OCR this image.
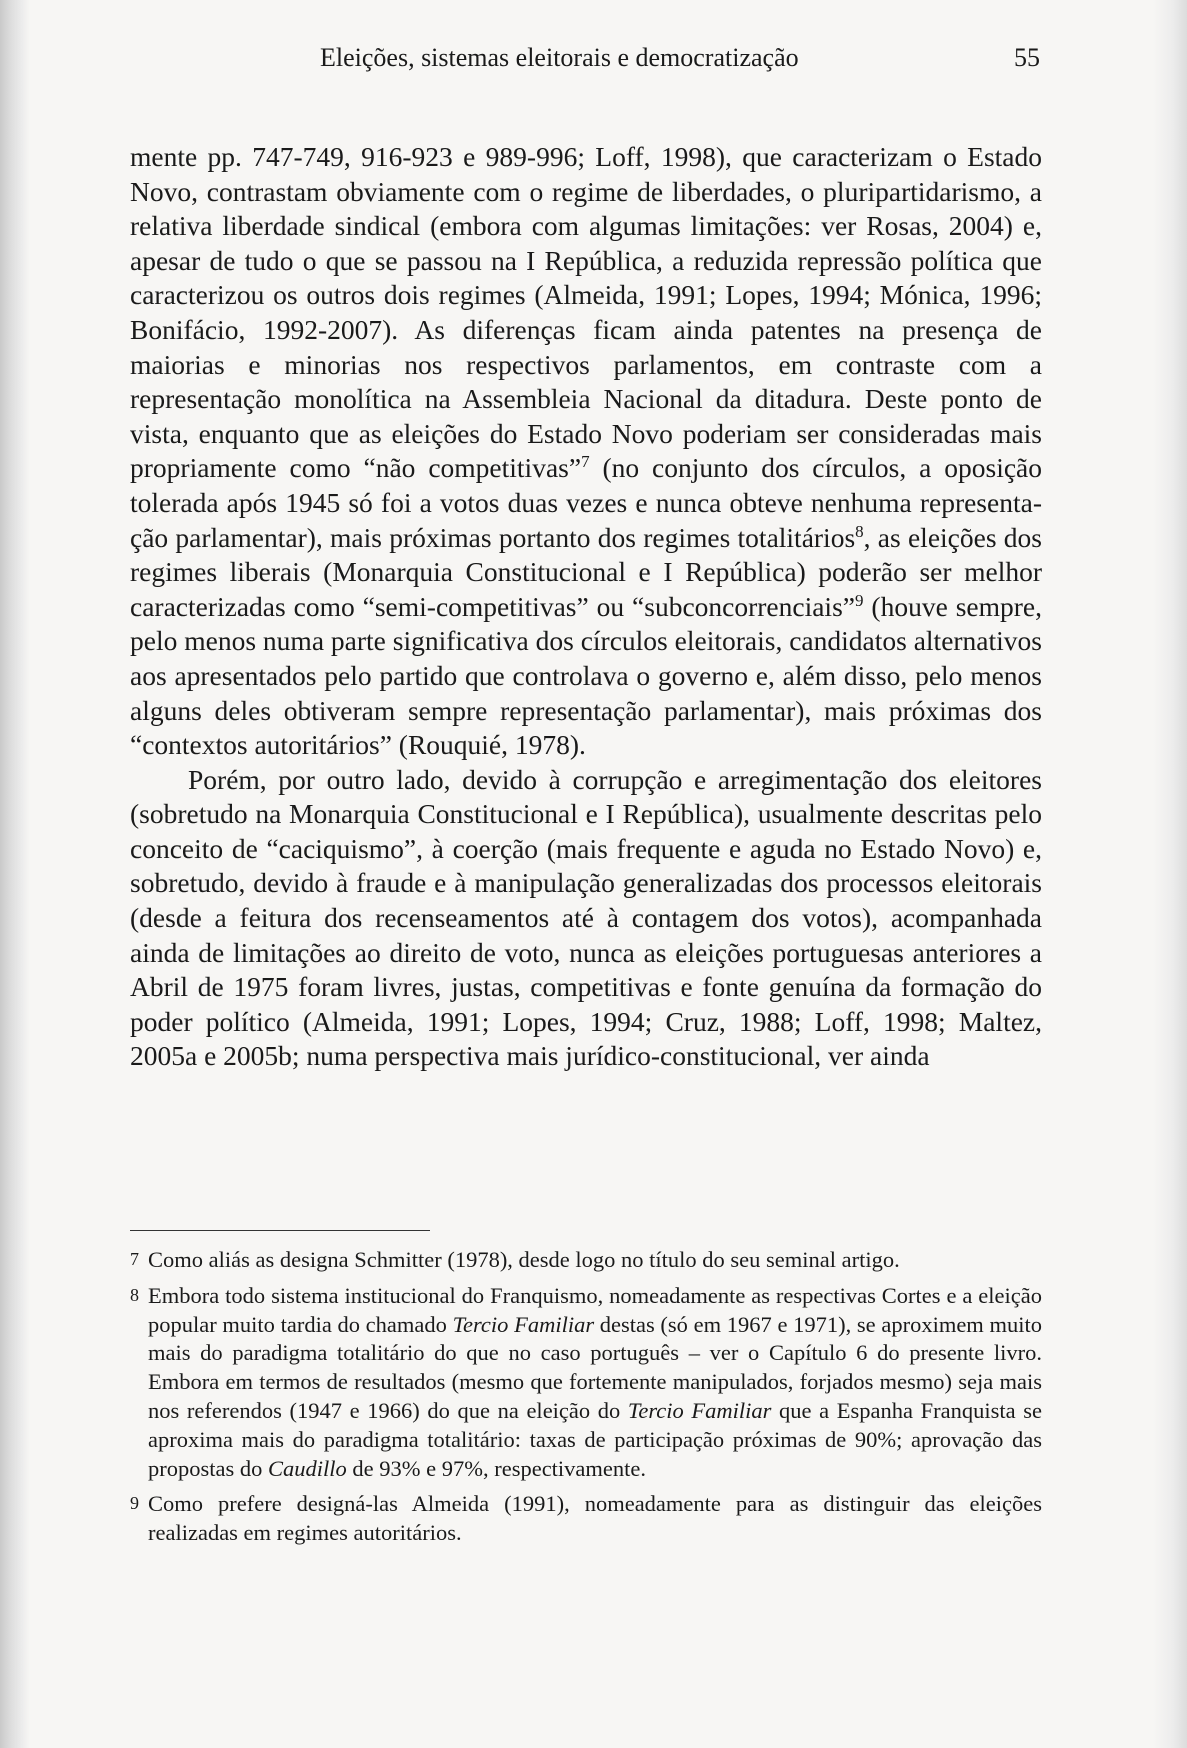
Eleições, sistemas eleitorais e democratização	55

mente pp. 747-749, 916-923 e 989-996; Loff, 1998), que caracterizam o Estado Novo, contrastam obviamente com o regime de liberdades, o pluripartidarismo, a relativa liberdade sindical (embora com algumas limitações: ver Rosas, 2004) e, apesar de tudo o que se passou na I República, a reduzida repressão política que caracterizou os outros dois regimes (Almeida, 1991; Lopes, 1994; Mónica, 1996; Bonifácio, 1992-2007). As diferenças ficam ainda patentes na presença de maiorias e minorias nos respectivos parlamentos, em contraste com a representação monolítica na Assembleia Nacional da ditadura. Deste ponto de vista, enquanto que as eleições do Estado Novo poderiam ser consideradas mais propriamente como “não competitivas”$^7$ (no conjunto dos círculos, a oposição tolerada após 1945 só foi a votos duas vezes e nunca obteve nenhuma representação parlamentar), mais próximas portanto dos regimes totalitários$^8$, as eleições dos regimes liberais (Monarquia Constitucional e I República) poderão ser melhor caracterizadas como “semi-competitivas” ou “subconcorrenciais”$^9$ (houve sempre, pelo menos numa parte significativa dos círculos eleitorais, candidatos alternativos aos apresentados pelo partido que controlava o governo e, além disso, pelo menos alguns deles obtiveram sempre representação parlamentar), mais próximas dos “contextos autoritários” (Rouquié, 1978).

Porém, por outro lado, devido à corrupção e arregimentação dos eleitores (sobretudo na Monarquia Constitucional e I República), usualmente descritas pelo conceito de “caciquismo”, à coerção (mais frequente e aguda no Estado Novo) e, sobretudo, devido à fraude e à manipulação generalizadas dos processos eleitorais (desde a feitura dos recenseamentos até à contagem dos votos), acompanhada ainda de limitações ao direito de voto, nunca as eleições portuguesas anteriores a Abril de 1975 foram livres, justas, competitivas e fonte genuína da formação do poder político (Almeida, 1991; Lopes, 1994; Cruz, 1988; Loff, 1998; Maltez, 2005a e 2005b; numa perspectiva mais jurídico-constitucional, ver ainda

7 Como aliás as designa Schmitter (1978), desde logo no título do seu seminal artigo.

8 Embora todo sistema institucional do Franquismo, nomeadamente as respectivas Cortes e a eleição popular muito tardia do chamado Tercio Familiar destas (só em 1967 e 1971), se aproximem muito mais do paradigma totalitário do que no caso português – ver o Capítulo 6 do presente livro. Embora em termos de resultados (mesmo que fortemente manipulados, forjados mesmo) seja mais nos referendos (1947 e 1966) do que na eleição do Tercio Familiar que a Espanha Franquista se aproxima mais do paradigma totalitário: taxas de participação próximas de 90%; aprovação das propostas do Caudillo de 93% e 97%, respectivamente.

9 Como prefere designá-las Almeida (1991), nomeadamente para as distinguir das eleições realizadas em regimes autoritários.
